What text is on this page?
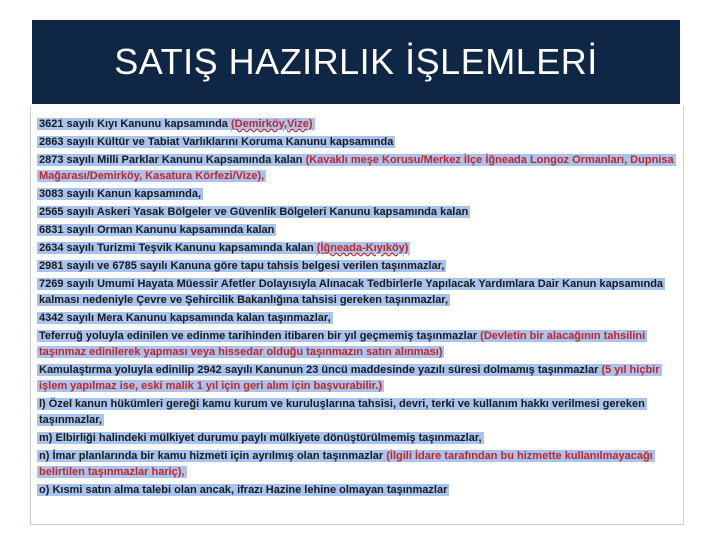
SATIŞ HAZIRLIK İŞLEMLERİ
3621 sayılı Kıyı Kanunu kapsamında (Demirköy,Vize)
2863 sayılı Kültür ve Tabiat Varlıklarını Koruma Kanunu kapsamında
2873 sayılı Milli Parklar Kanunu Kapsamında kalan (Kavaklı meşe Korusu/Merkez İlçe İğneada Longoz Ormanları, Dupnisa Mağarası/Demirköy, Kasatura Körfezi/Vize),
3083 sayılı Kanun kapsamında,
2565 sayılı Askeri Yasak Bölgeler ve Güvenlik Bölgeleri Kanunu kapsamında kalan
6831 sayılı Orman Kanunu kapsamında kalan
2634 sayılı Turizmi Teşvik Kanunu kapsamında kalan (İğneada-Kıyıköy)
2981 sayılı ve 6785 sayılı Kanuna göre tapu tahsis belgesi verilen taşınmazlar,
7269 sayılı Umumi Hayata Müessir Afetler Dolayısıyla Alınacak Tedbirlerle Yapılacak Yardımlara Dair Kanun kapsamında kalması nedeniyle Çevre ve Şehircilik Bakanlığına tahsisi gereken taşınmazlar,
4342 sayılı Mera Kanunu kapsamında kalan taşınmazlar,
Teferruğ yoluyla edinilen ve edinme tarihinden itibaren bir yıl geçmemiş taşınmazlar (Devletin bir alacağının tahsilini taşınmaz edinilerek yapması veya hissedar olduğu taşınmazın satın alınması)
Kamulaştırma yoluyla edinilip 2942 sayılı Kanunun 23 üncü maddesinde yazılı süresi dolmamış taşınmazlar (5 yıl hiçbir işlem yapılmaz ise, eski malik 1 yıl için geri alım için başvurabilir.)
l) Özel kanun hükümleri gereği kamu kurum ve kuruluşlarına tahsisi, devri, terki ve kullanım hakkı verilmesi gereken taşınmazlar,
m) Elbirliği halindeki mülkiyet durumu paylı mülkiyete dönüştürülmemiş taşınmazlar,
n) İmar planlarında bir kamu hizmeti için ayrılmış olan taşınmazlar (İlgili İdare tarafından bu hizmette kullanılmayacağı belirtilen taşınmazlar hariç),
o) Kısmi satın alma talebi olan ancak, ifrazı Hazine lehine olmayan taşınmazlar
